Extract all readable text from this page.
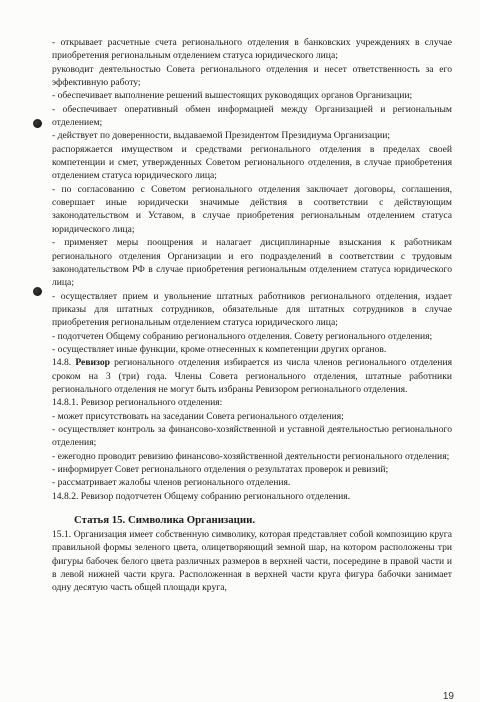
- открывает расчетные счета регионального отделения в банковских учреждениях в случае приобретения региональным отделением статуса юридического лица;

руководит деятельностью Совета регионального отделения и несет ответственность за его эффективную работу;

- обеспечивает выполнение решений вышестоящих руководящих органов Организации;

- обеспечивает оперативный обмен информацией между Организацией и региональным отделением;

- действует по доверенности, выдаваемой Президентом Президиума Организации;

распоряжается имуществом и средствами регионального отделения в пределах своей компетенции и смет, утвержденных Советом регионального отделения, в случае приобретения отделением статуса юридического лица;

- по согласованию с Советом регионального отделения заключает договоры, соглашения, совершает иные юридически значимые действия в соответствии с действующим законодательством и Уставом, в случае приобретения региональным отделением статуса юридического лица;

- применяет меры поощрения и налагает дисциплинарные взыскания к работникам регионального отделения Организации и его подразделений в соответствии с трудовым законодательством РФ в случае приобретения региональным отделением статуса юридического лица;

- осуществляет прием и увольнение штатных работников регионального отделения, издает приказы для штатных сотрудников, обязательные для штатных сотрудников в случае приобретения региональным отделением статуса юридического лица;

- подотчетен Общему собранию регионального отделения. Совету регионального отделения;

- осуществляет иные функции, кроме отнесенных к компетенции других органов.

14.8. Ревизор регионального отделения избирается из числа членов регионального отделения сроком на 3 (три) года. Члены Совета регионального отделения, штатные работники регионального отделения не могут быть избраны Ревизором регионального отделения.

14.8.1. Ревизор регионального отделения:

- может присутствовать на заседании Совета регионального отделения;

- осуществляет контроль за финансово-хозяйственной и уставной деятельностью регионального отделения;

- ежегодно проводит ревизию финансово-хозяйственной деятельности регионального отделения;

- информирует Совет регионального отделения о результатах проверок и ревизий;

- рассматривает жалобы членов регионального отделения.

14.8.2. Ревизор подотчетен Общему собранию регионального отделения.

Статья 15. Символика Организации.

15.1. Организация имеет собственную символику, которая представляет собой композицию круга правильной формы зеленого цвета, олицетворяющий земной шар, на котором расположены три фигуры бабочек белого цвета различных размеров в верхней части, посередине в правой части и в левой нижней части круга. Расположенная в верхней части круга фигура бабочки занимает одну десятую часть общей площади круга,

19
